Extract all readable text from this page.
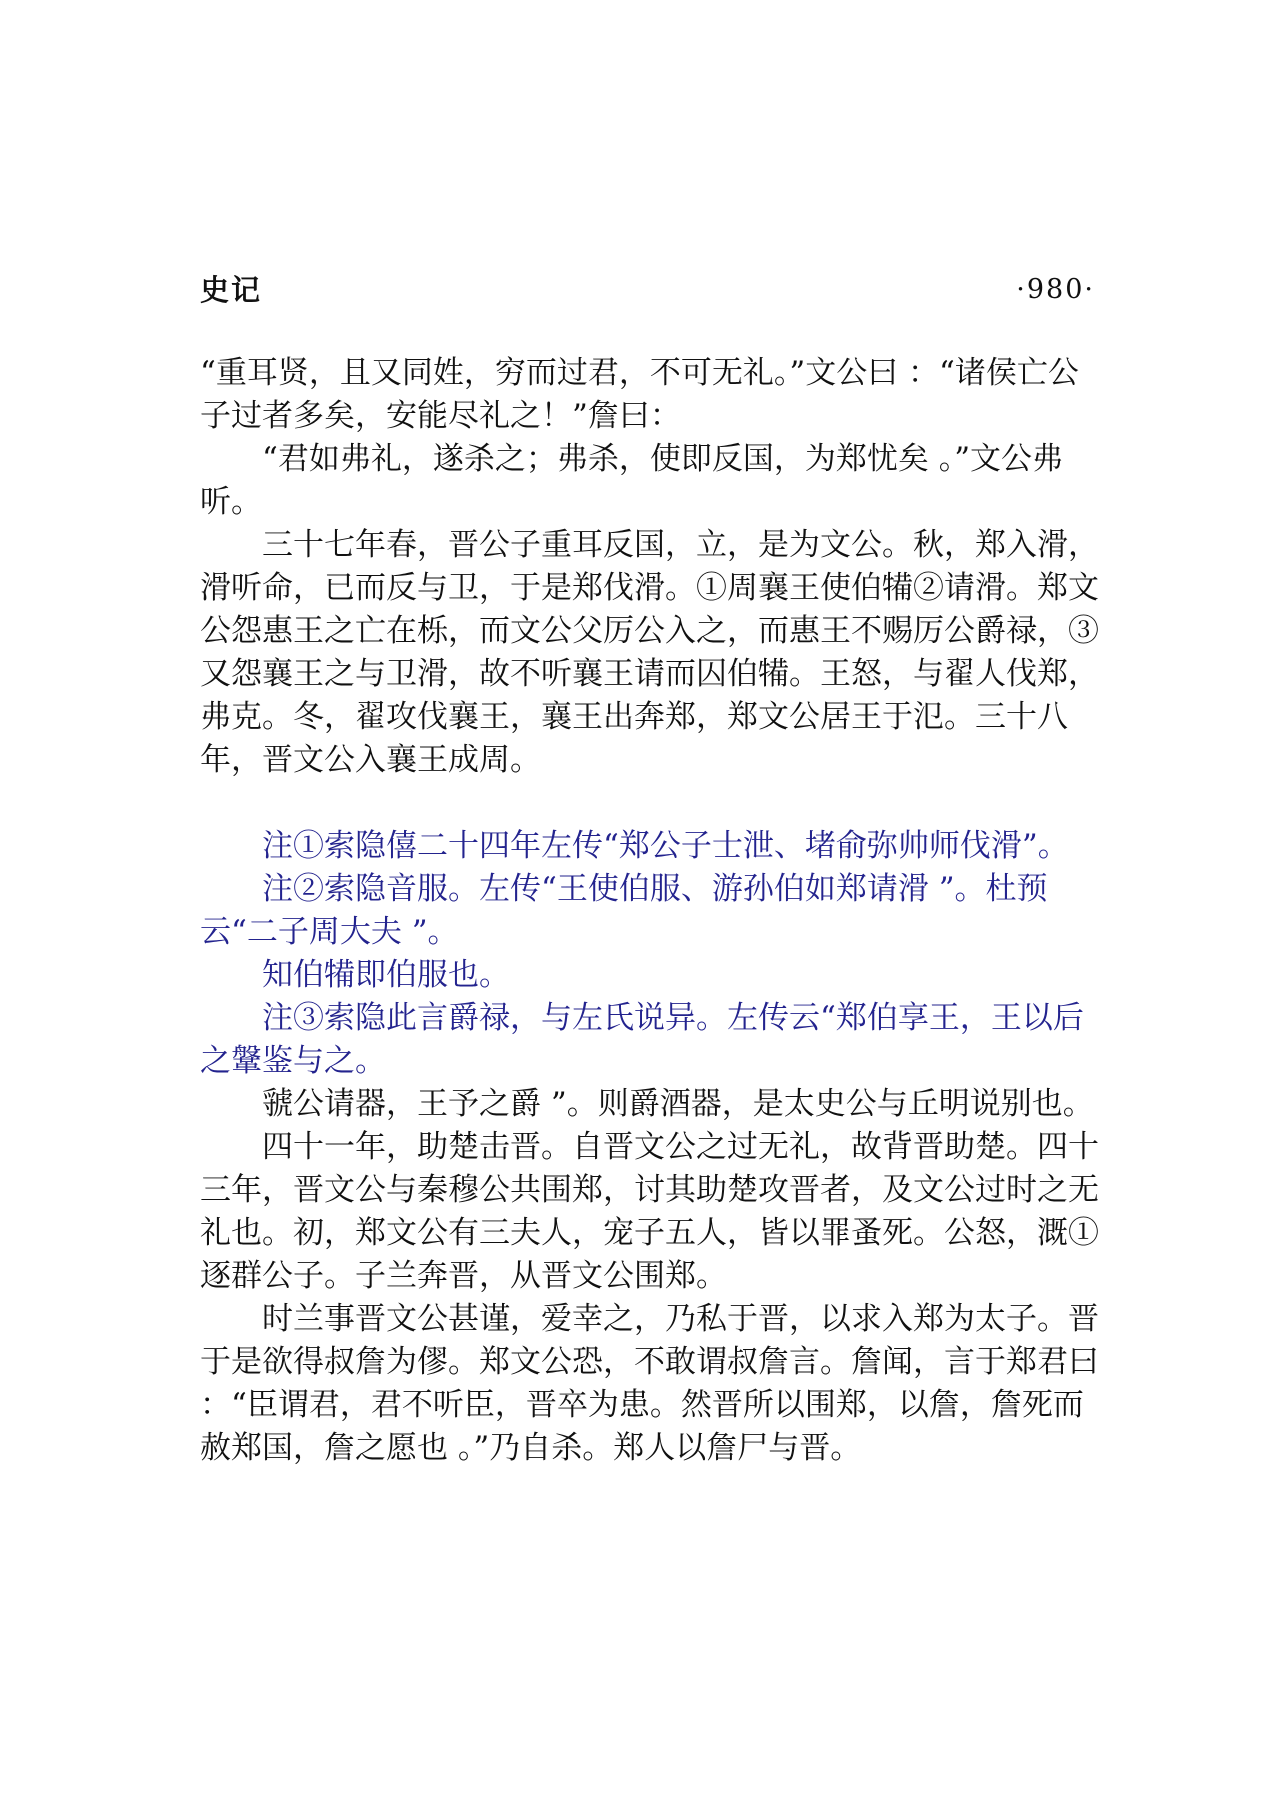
史记	·980·

“重耳贤，且又同姓，穷而过君，不可无礼。”文公曰 ：“诸侯亡公子过者多矣，安能尽礼之！”詹曰：

“君如弗礼，遂杀之；弗杀，使即反国，为郑忧矣 。”文公弗听。

三十七年春，晋公子重耳反国，立，是为文公。秋，郑入滑，滑听命，已而反与卫，于是郑伐滑。①周襄王使伯犕②请滑。郑文公怨惠王之亡在栎，而文公父厉公入之，而惠王不赐厉公爵禄，③又怨襄王之与卫滑，故不听襄王请而囚伯犕。王怒，与翟人伐郑，弗克。冬，翟攻伐襄王，襄王出奔郑，郑文公居王于氾。三十八年，晋文公入襄王成周。

注①索隐僖二十四年左传“郑公子士泄、堵俞弥帅师伐滑”。

注②索隐音服。左传“王使伯服、游孙伯如郑请滑 ”。杜预云“二子周大夫 ”。

知伯犕即伯服也。

注③索隐此言爵禄，与左氏说异。左传云“郑伯享王，王以后之鞶鉴与之。

虢公请器，王予之爵 ”。则爵酒器，是太史公与丘明说别也。

四十一年，助楚击晋。自晋文公之过无礼，故背晋助楚。四十三年，晋文公与秦穆公共围郑，讨其助楚攻晋者，及文公过时之无礼也。初，郑文公有三夫人，宠子五人，皆以罪蚤死。公怒，溉①逐群公子。子兰奔晋，从晋文公围郑。

时兰事晋文公甚谨，爱幸之，乃私于晋，以求入郑为太子。晋于是欲得叔詹为僇。郑文公恐，不敢谓叔詹言。詹闻，言于郑君曰 ：“臣谓君，君不听臣，晋卒为患。然晋所以围郑，以詹，詹死而赦郑国，詹之愿也 。”乃自杀。郑人以詹尸与晋。
